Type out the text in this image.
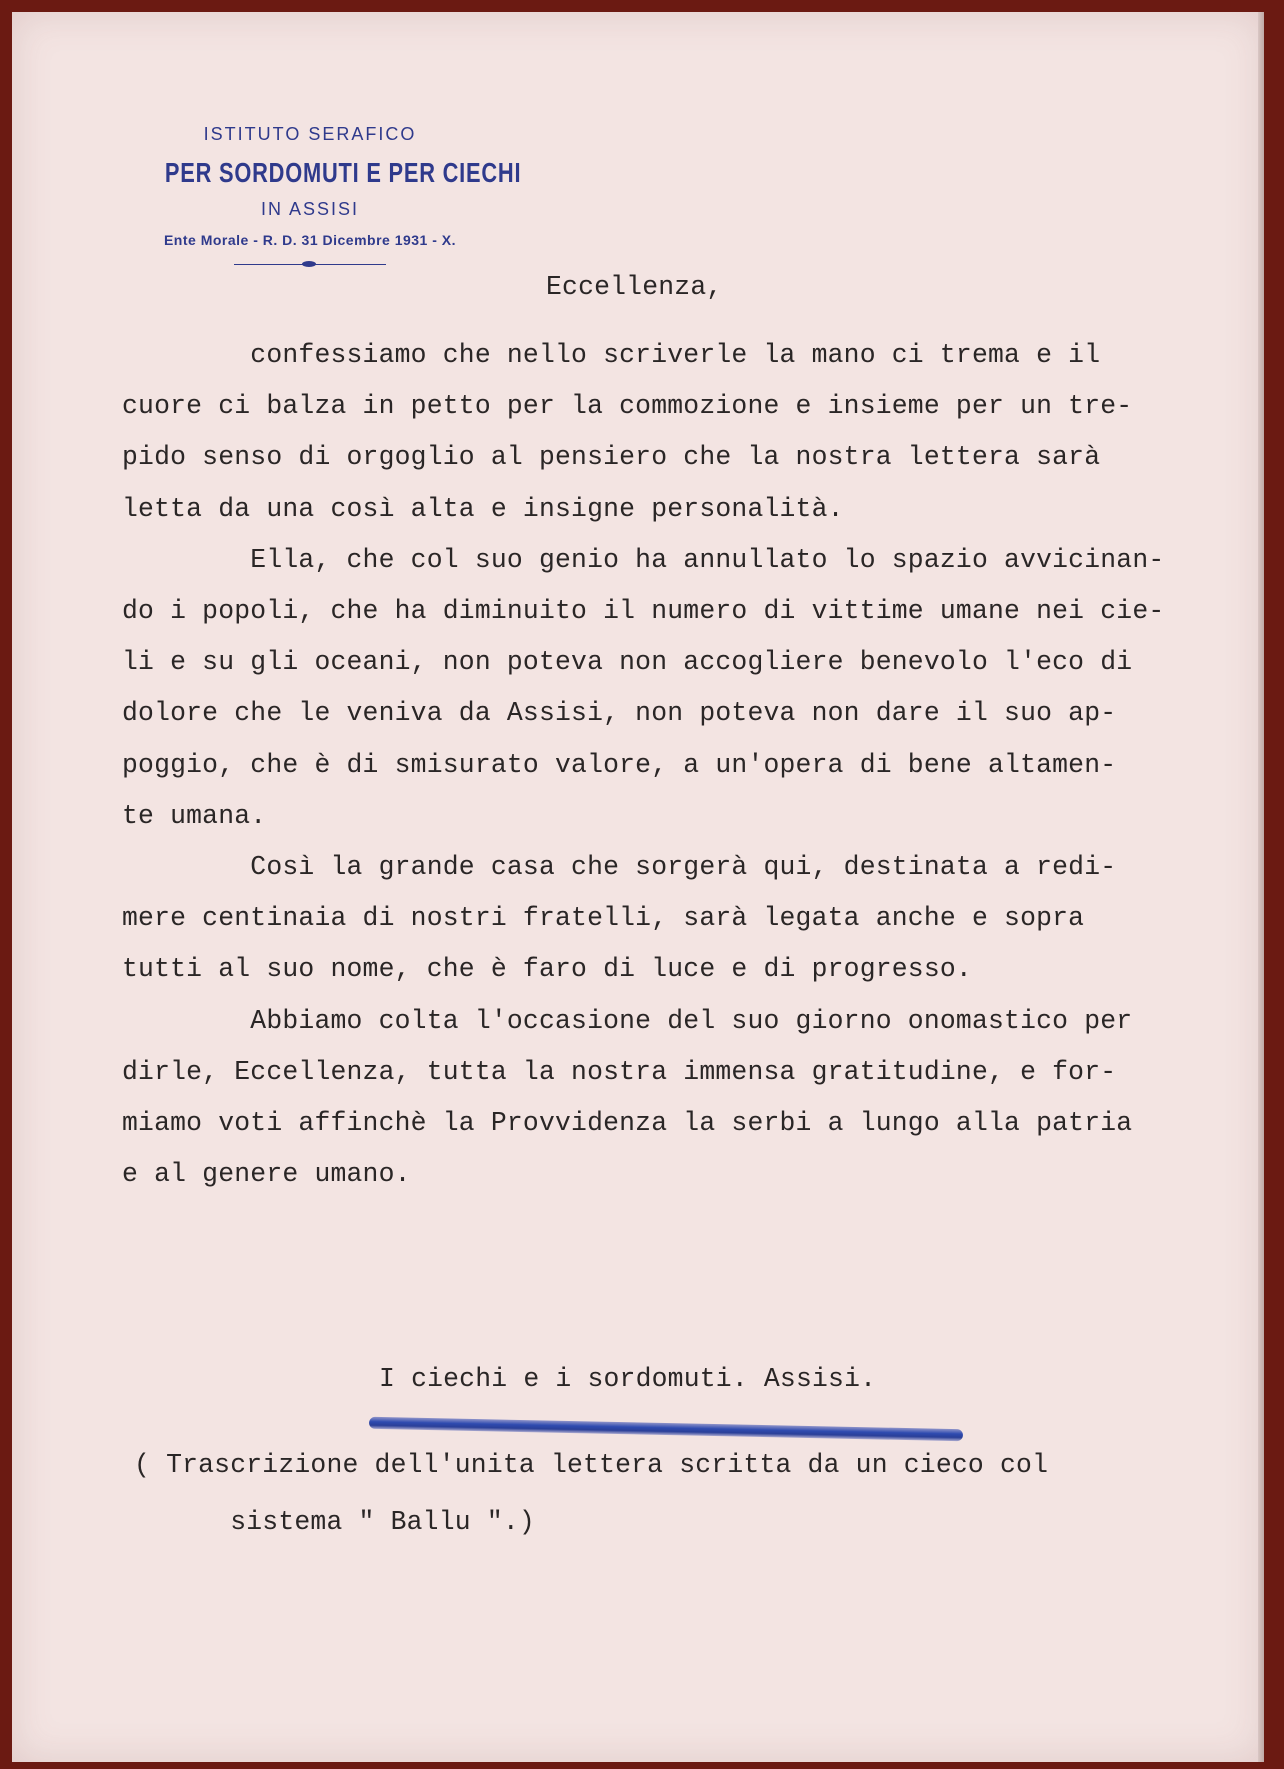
ISTITUTO SERAFICO
PER SORDOMUTI E PER CIECHI
IN ASSISI
Ente Morale - R. D. 31 Dicembre 1931 - X.
Eccellenza,
confessiamo che nello scriverle la mano ci trema e il
cuore ci balza in petto per la commozione e insieme per un tre-
pido senso di orgoglio al pensiero che la nostra lettera sarà
letta da una così alta e insigne personalità.
Ella, che col suo genio ha annullato lo spazio avvicinan-
do i popoli, che ha diminuito il numero di vittime umane nei cie-
li e su gli oceani, non poteva non accogliere benevolo l'eco di
dolore che le veniva da Assisi, non poteva non dare il suo ap-
poggio, che è di smisurato valore, a un'opera di bene altamen-
te umana.
Così la grande casa che sorgerà qui, destinata a redi-
mere centinaia di nostri fratelli, sarà legata anche e sopra
tutti al suo nome, che è faro di luce e di progresso.
Abbiamo colta l'occasione del suo giorno onomastico per
dirle, Eccellenza, tutta la nostra immensa gratitudine, e for-
miamo voti affinchè la Provvidenza la serbi a lungo alla patria
e al genere umano.
I ciechi e i sordomuti. Assisi.
( Trascrizione dell'unita lettera scritta da un cieco col
sistema " Ballu ".)
